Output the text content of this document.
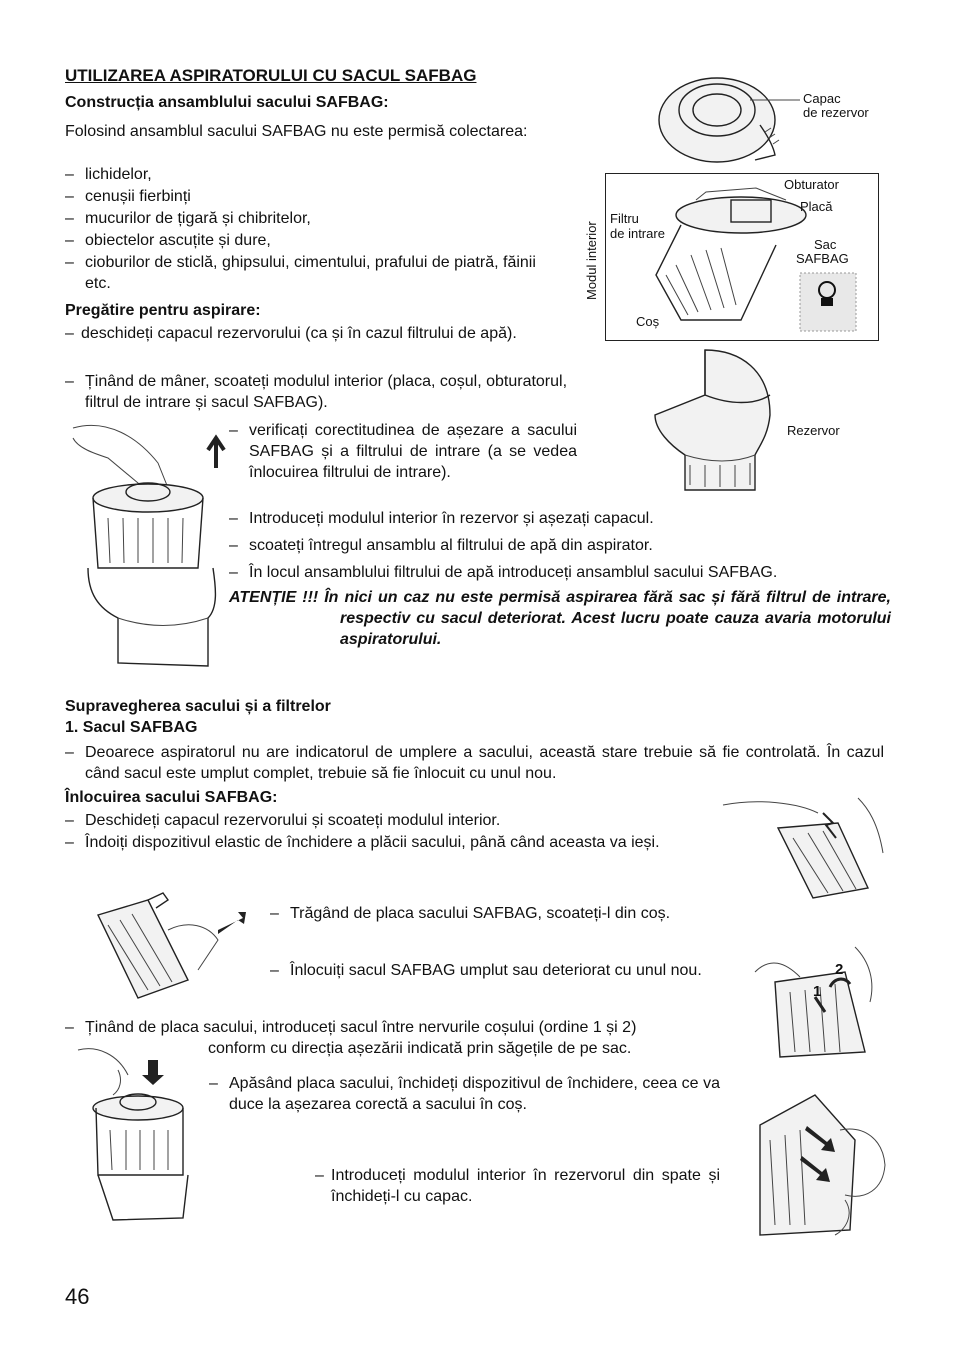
UTILIZAREA ASPIRATORULUI CU SACUL SAFBAG
Construcția ansamblului sacului SAFBAG:
Folosind ansamblul sacului SAFBAG nu este permisă colectarea:
– lichidelor,
– cenușii fierbinți
– mucurilor de țigară și chibritelor,
– obiectelor ascuțite și dure,
– cioburilor de sticlă, ghipsului, cimentului, prafului de piatră, făinii etc.
Pregătire pentru aspirare:
– deschideți capacul rezervorului (ca și în cazul filtrului de apă).
– Ținând de mâner, scoateți modulul interior (placa, coșul, obturatorul, filtrul de intrare și sacul SAFBAG).
– verificați corectitudinea de așezare a sacului SAFBAG și a filtrului de intrare (a se vedea înlocuirea filtrului de intrare).
– Introduceți modulul interior în rezervor și așezați capacul.
– scoateți întregul ansamblu al filtrului de apă din aspirator.
– În locul ansamblului filtrului de apă introduceți ansamblul sacului SAFBAG.
ATENȚIE !!! În nici un caz nu este permisă aspirarea fără sac și fără filtrul de intrare, respectiv cu sacul deteriorat. Acest lucru poate cauza avaria motorului aspiratorului.
Capac
de rezervor
Obturator
Placă
Filtru
de intrare
Sac
SAFBAG
Coș
Modul interior
Rezervor
Supravegherea sacului și a filtrelor
1. Sacul SAFBAG
– Deoarece aspiratorul nu are indicatorul de umplere a sacului, această stare trebuie să fie controlată. În cazul când sacul este umplut complet, trebuie să fie înlocuit cu unul nou.
Înlocuirea sacului SAFBAG:
– Deschideți capacul rezervorului și scoateți modulul interior.
– Îndoiți dispozitivul elastic de închidere a plăcii sacului, până când aceasta va ieși.
– Trăgând de placa sacului SAFBAG, scoateți-l din coș.
– Înlocuiți sacul SAFBAG umplut sau deteriorat cu unul nou.	2
1
– Ținând de placa sacului, introduceți sacul între nervurile coșului (ordine 1 și 2)
conform cu direcția așezării indicată prin săgețile de pe sac.
– Apăsând placa sacului, închideți dispozitivul de închidere, ceea ce va duce la așezarea corectă a sacului în coș.
– Introduceți modulul interior în rezervorul din spate și închideți-l cu capac.
46
